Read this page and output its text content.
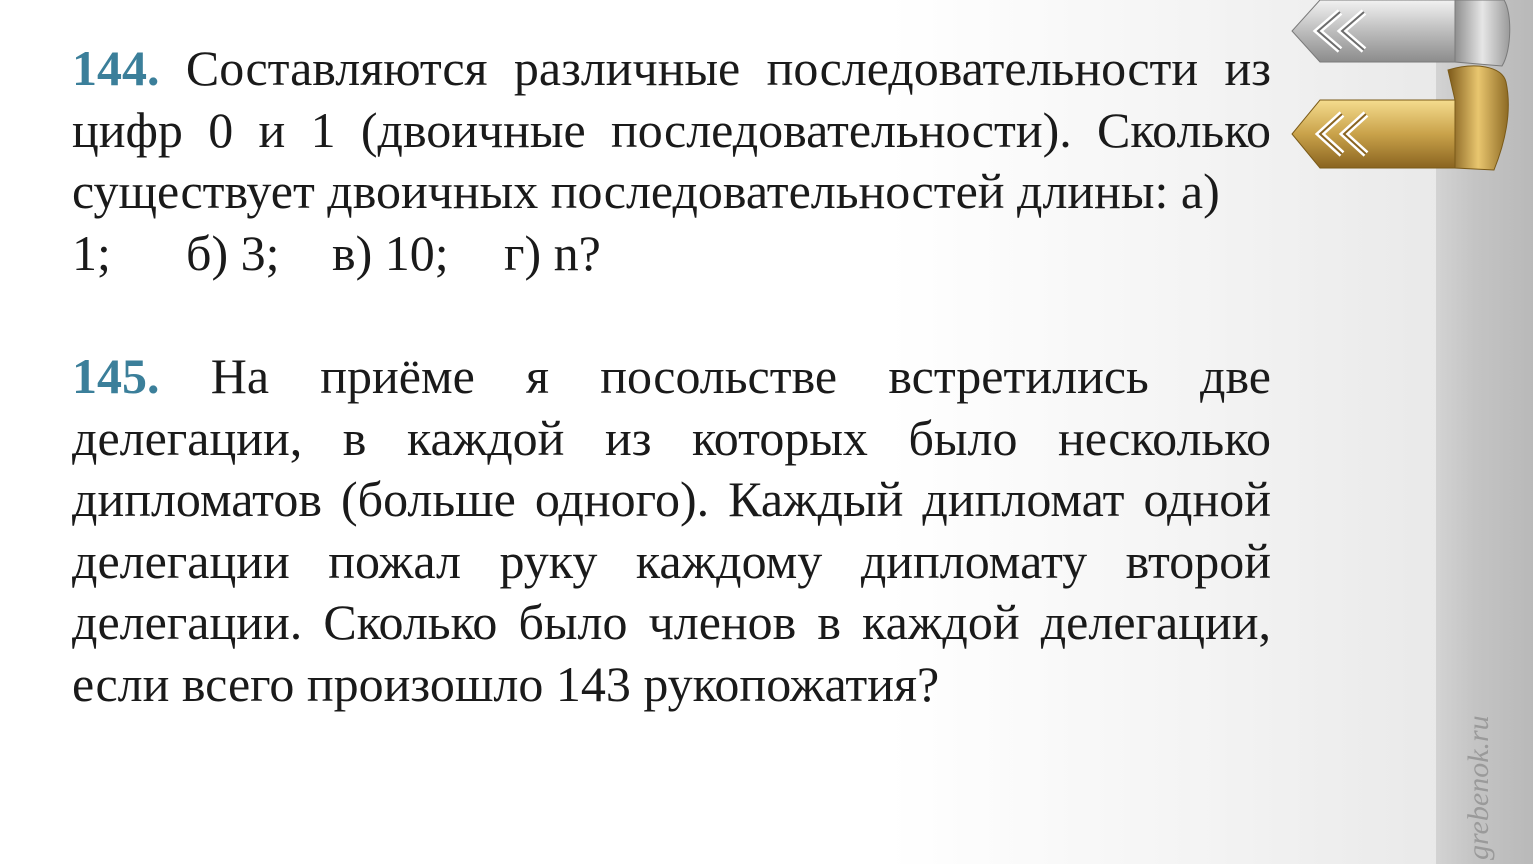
grebenok.ru

144. Составляются различные последовательности из цифр 0 и 1 (двоичные последовательности). Сколько существует двоичных последовательностей длины: а)

1;	б) 3;	в) 10;	г) n?

145. На приёме я посольстве встретились две делегации, в каждой из которых было несколько дипломатов (больше одного). Каждый дипломат одной делегации пожал руку каждому дипломату второй делегации. Сколько было членов в каждой делегации, если всего произошло 143 рукопожатия?
